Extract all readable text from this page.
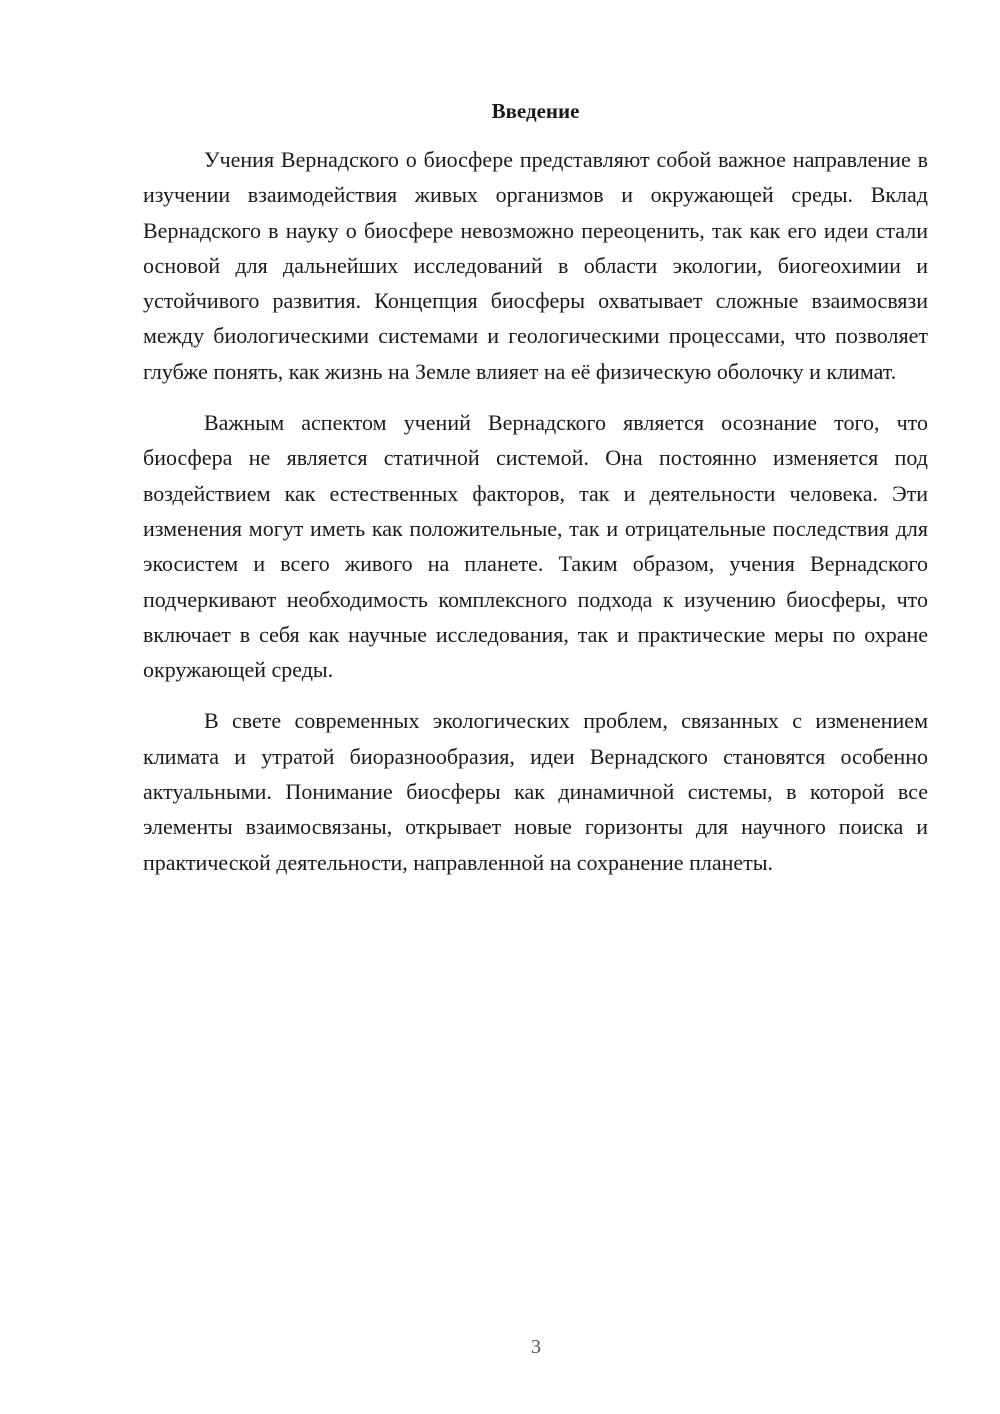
Введение

Учения Вернадского о биосфере представляют собой важное направление в изучении взаимодействия живых организмов и окружающей среды. Вклад Вернадского в науку о биосфере невозможно переоценить, так как его идеи стали основой для дальнейших исследований в области экологии, биогеохимии и устойчивого развития. Концепция биосферы охватывает сложные взаимосвязи между биологическими системами и геологическими процессами, что позволяет глубже понять, как жизнь на Земле влияет на её физическую оболочку и климат.

Важным аспектом учений Вернадского является осознание того, что биосфера не является статичной системой. Она постоянно изменяется под воздействием как естественных факторов, так и деятельности человека. Эти изменения могут иметь как положительные, так и отрицательные последствия для экосистем и всего живого на планете. Таким образом, учения Вернадского подчеркивают необходимость комплексного подхода к изучению биосферы, что включает в себя как научные исследования, так и практические меры по охране окружающей среды.

В свете современных экологических проблем, связанных с изменением климата и утратой биоразнообразия, идеи Вернадского становятся особенно актуальными. Понимание биосферы как динамичной системы, в которой все элементы взаимосвязаны, открывает новые горизонты для научного поиска и практической деятельности, направленной на сохранение планеты.

3
